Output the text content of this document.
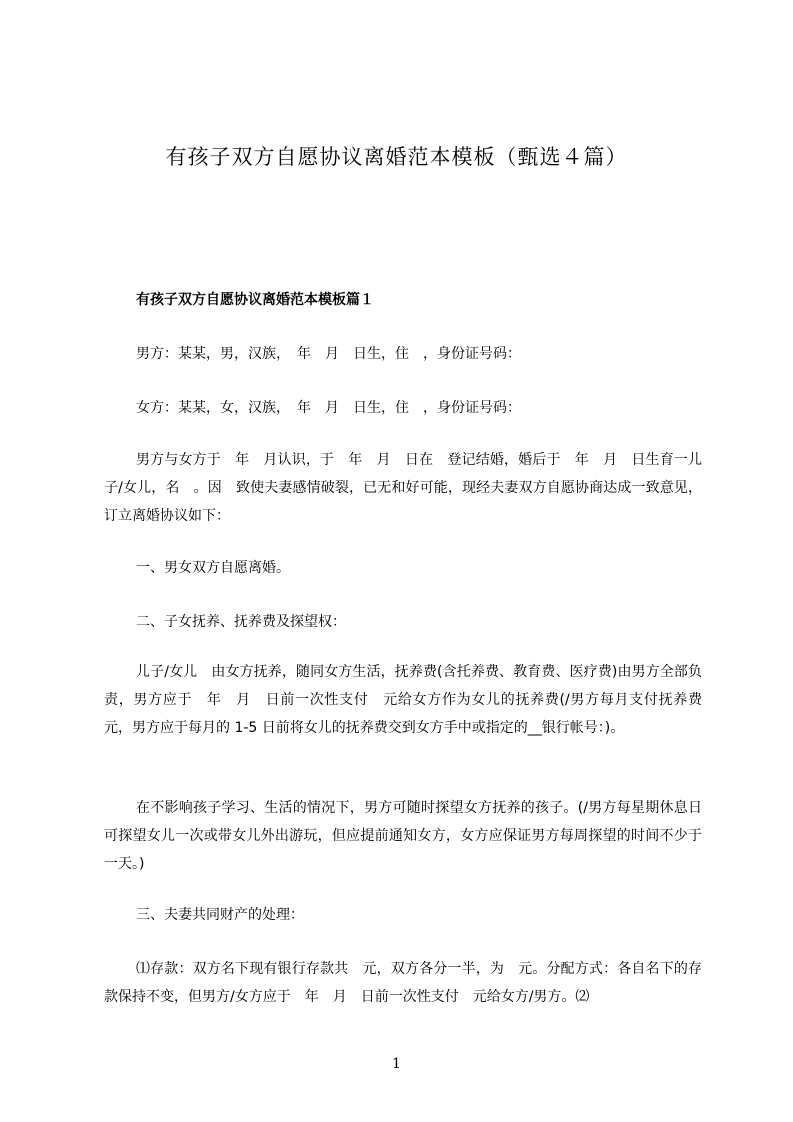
有孩子双方自愿协议离婚范本模板（甄选４篇）
有孩子双方自愿协议离婚范本模板篇１
男方：某某，男，汉族，　年　月　日生，住　，身份证号码：
女方：某某，女，汉族，　年　月　日生，住　，身份证号码：
男方与女方于　年　月认识，于　年　月　日在　登记结婚，婚后于　年　月　日生育一儿子/女儿，名　。因　致使夫妻感情破裂，已无和好可能，现经夫妻双方自愿协商达成一致意见，订立离婚协议如下：
一、男女双方自愿离婚。
二、子女抚养、抚养费及探望权：
儿子/女儿　由女方抚养，随同女方生活，抚养费(含托养费、教育费、医疗费)由男方全部负责，男方应于　年　月　日前一次性支付　元给女方作为女儿的抚养费(/男方每月支付抚养费　元，男方应于每月的 1-5 日前将女儿的抚养费交到女方手中或指定的__银行帐号：)。
在不影响孩子学习、生活的情况下，男方可随时探望女方抚养的孩子。(/男方每星期休息日可探望女儿一次或带女儿外出游玩，但应提前通知女方，女方应保证男方每周探望的时间不少于一天。)
三、夫妻共同财产的处理：
⑴存款：双方名下现有银行存款共　元，双方各分一半，为　元。分配方式：各自名下的存款保持不变，但男方/女方应于　年　月　日前一次性支付　元给女方/男方。⑵
1
